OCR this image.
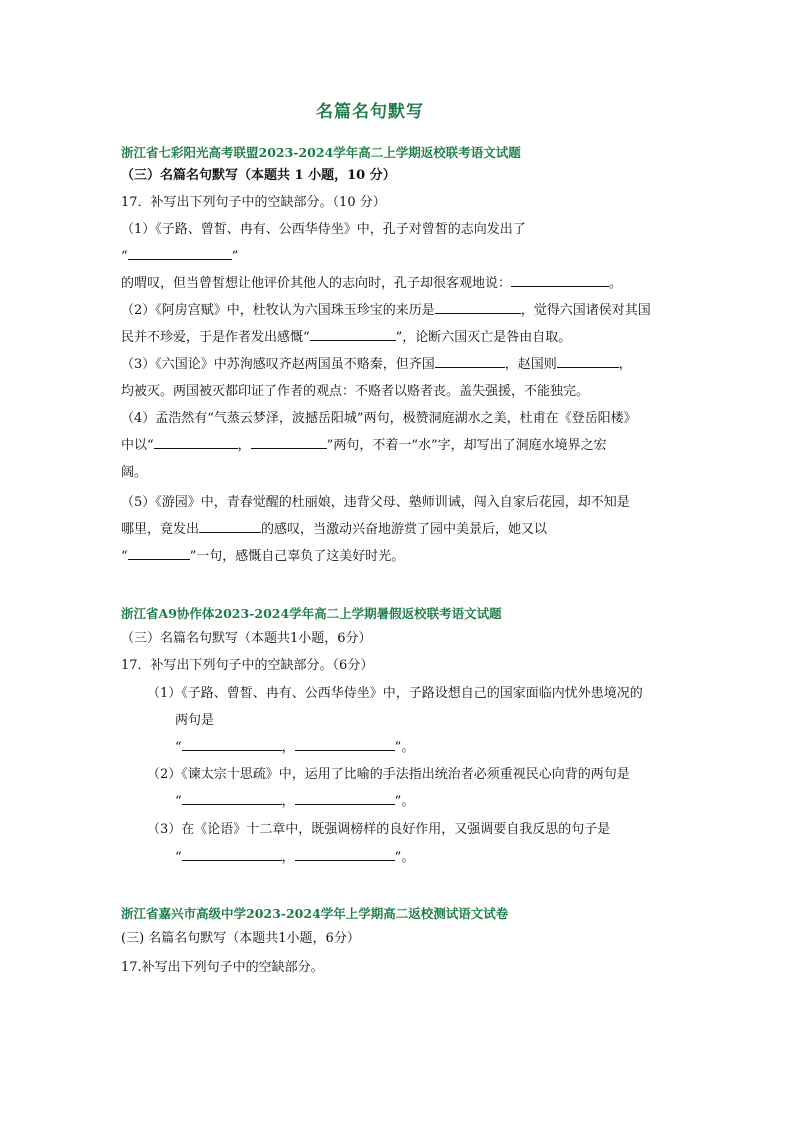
名篇名句默写
浙江省七彩阳光高考联盟2023-2024学年高二上学期返校联考语文试题
（三）名篇名句默写（本题共 1 小题，10 分）
17．补写出下列句子中的空缺部分。（10 分）
（1）《子路、曾皙、冉有、公西华侍坐》中，孔子对曾皙的志向发出了
“	”
的喟叹，但当曾皙想让他评价其他人的志向时，孔子却很客观地说：	。
（2）《阿房宫赋》中，杜牧认为六国珠玉珍宝的来历是	，觉得六国诸侯对其国
民并不珍爱，于是作者发出感慨“	”，论断六国灭亡是咎由自取。
（3）《六国论》中苏洵感叹齐赵两国虽不赂秦，但齐国	，赵国则	，
均被灭。两国被灭都印证了作者的观点：不赂者以赂者丧。盖失强援，不能独完。
（4）孟浩然有“气蒸云梦泽，波撼岳阳城”两句，极赞洞庭湖水之美，杜甫在《登岳阳楼》
中以“	，	”两句，不着一“水”字，却写出了洞庭水境界之宏
阔。
（5）《游园》中，青春觉醒的杜丽娘，违背父母、塾师训诫，闯入自家后花园，却不知是
哪里，竟发出	的感叹，当激动兴奋地游赏了园中美景后，她又以
“	”一句，感慨自己辜负了这美好时光。
浙江省A9协作体2023-2024学年高二上学期暑假返校联考语文试题
（三）名篇名句默写（本题共1小题，6分）
17．补写出下列句子中的空缺部分。（6分）
（1）《子路、曾皙、冉有、公西华侍坐》中，子路设想自己的国家面临内忧外患境况的
两句是
“	，	”。
（2）《谏太宗十思疏》中，运用了比喻的手法指出统治者必须重视民心向背的两句是
“	，	”。
（3）在《论语》十二章中，既强调榜样的良好作用，又强调要自我反思的句子是
“	，	”。
浙江省嘉兴市高级中学2023-2024学年上学期高二返校测试语文试卷
(三) 名篇名句默写（本题共1小题，6分）
17.补写出下列句子中的空缺部分。
